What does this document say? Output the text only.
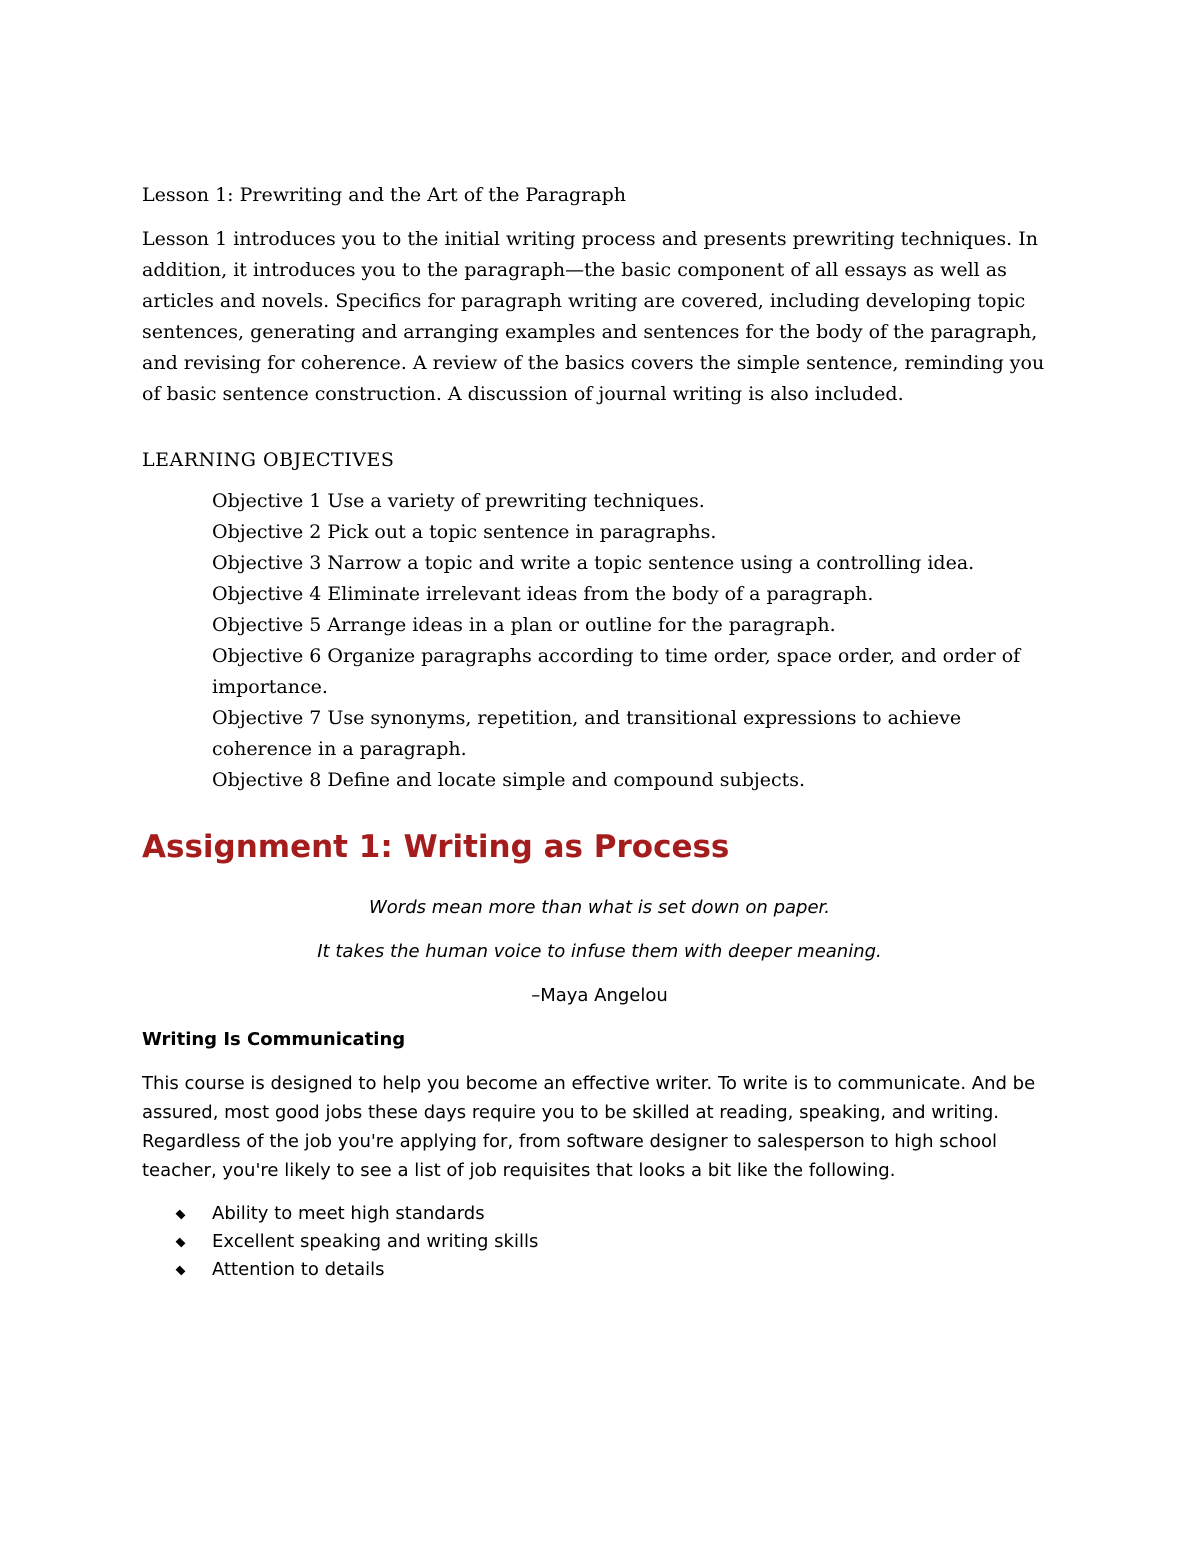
Lesson 1: Prewriting and the Art of the Paragraph

Lesson 1 introduces you to the initial writing process and presents prewriting techniques. In addition, it introduces you to the paragraph—the basic component of all essays as well as articles and novels. Specifics for paragraph writing are covered, including developing topic sentences, generating and arranging examples and sentences for the body of the paragraph, and revising for coherence. A review of the basics covers the simple sentence, reminding you of basic sentence construction. A discussion of journal writing is also included.

LEARNING OBJECTIVES
Objective 1 Use a variety of prewriting techniques.
Objective 2 Pick out a topic sentence in paragraphs.
Objective 3 Narrow a topic and write a topic sentence using a controlling idea.
Objective 4 Eliminate irrelevant ideas from the body of a paragraph.
Objective 5 Arrange ideas in a plan or outline for the paragraph.
Objective 6 Organize paragraphs according to time order, space order, and order of importance.
Objective 7 Use synonyms, repetition, and transitional expressions to achieve coherence in a paragraph.
Objective 8 Define and locate simple and compound subjects.
Assignment 1: Writing as Process

Words mean more than what is set down on paper.

It takes the human voice to infuse them with deeper meaning.

–Maya Angelou

Writing Is Communicating

This course is designed to help you become an effective writer. To write is to communicate. And be assured, most good jobs these days require you to be skilled at reading, speaking, and writing. Regardless of the job you're applying for, from software designer to salesperson to high school teacher, you're likely to see a list of job requisites that looks a bit like the following.

Ability to meet high standards
Excellent speaking and writing skills
Attention to details
